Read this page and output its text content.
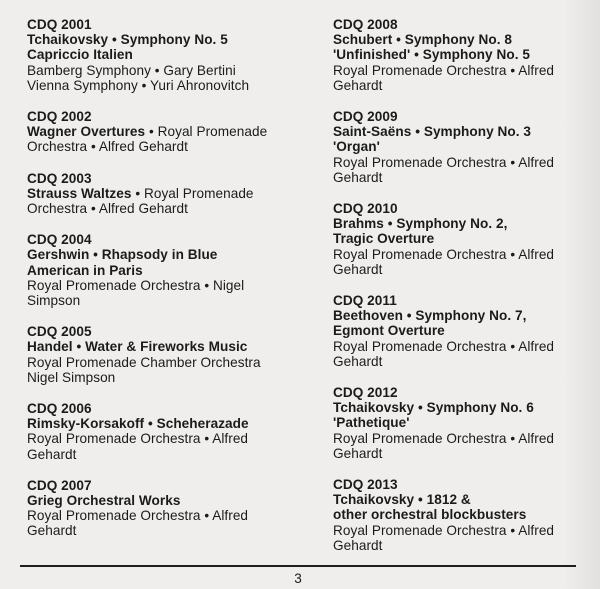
CDQ 2001
Tchaikovsky • Symphony No. 5
Capriccio Italien
Bamberg Symphony • Gary Bertini
Vienna Symphony • Yuri Ahronovitch
CDQ 2002
Wagner Overtures • Royal Promenade
Orchestra • Alfred Gehardt
CDQ 2003
Strauss Waltzes • Royal Promenade
Orchestra • Alfred Gehardt
CDQ 2004
Gershwin • Rhapsody in Blue
American in Paris
Royal Promenade Orchestra • Nigel
Simpson
CDQ 2005
Handel • Water & Fireworks Music
Royal Promenade Chamber Orchestra
Nigel Simpson
CDQ 2006
Rimsky-Korsakoff • Scheherazade
Royal Promenade Orchestra • Alfred
Gehardt
CDQ 2007
Grieg Orchestral Works
Royal Promenade Orchestra • Alfred
Gehardt
CDQ 2008
Schubert • Symphony No. 8
'Unfinished' • Symphony No. 5
Royal Promenade Orchestra • Alfred
Gehardt
CDQ 2009
Saint-Saëns • Symphony No. 3
'Organ'
Royal Promenade Orchestra • Alfred
Gehardt
CDQ 2010
Brahms • Symphony No. 2,
Tragic Overture
Royal Promenade Orchestra • Alfred
Gehardt
CDQ 2011
Beethoven • Symphony No. 7,
Egmont Overture
Royal Promenade Orchestra • Alfred
Gehardt
CDQ 2012
Tchaikovsky • Symphony No. 6
'Pathetique'
Royal Promenade Orchestra • Alfred
Gehardt
CDQ 2013
Tchaikovsky • 1812 &
other orchestral blockbusters
Royal Promenade Orchestra • Alfred
Gehardt
3
